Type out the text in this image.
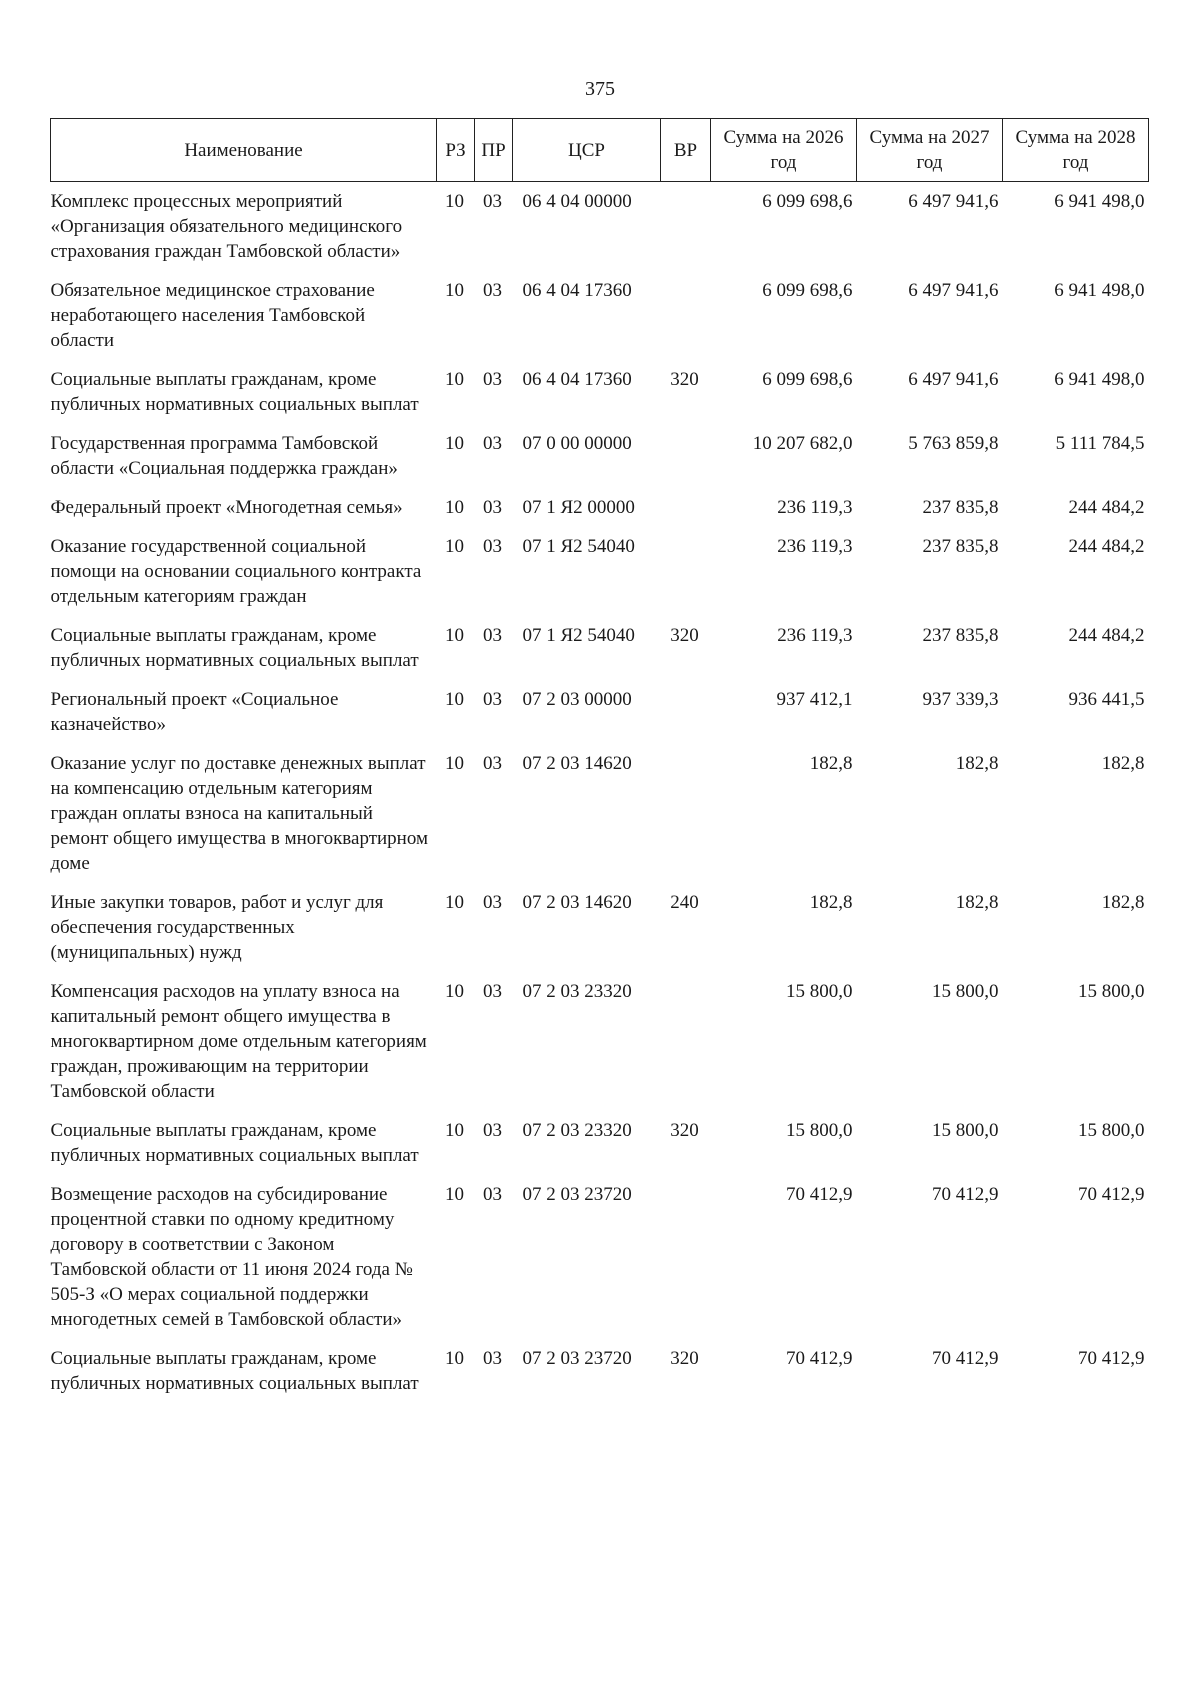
375
Наименование	РЗ	ПР	ЦСР	ВР	Сумма на 2026 год	Сумма на 2027 год	Сумма на 2028 год
Комплекс процессных мероприятий «Организация обязательного медицинского страхования граждан Тамбовской области»	10	03	06 4 04 00000		6 099 698,6	6 497 941,6	6 941 498,0
Обязательное медицинское страхование неработающего населения Тамбовской области	10	03	06 4 04 17360		6 099 698,6	6 497 941,6	6 941 498,0
Социальные выплаты гражданам, кроме публичных нормативных социальных выплат	10	03	06 4 04 17360	320	6 099 698,6	6 497 941,6	6 941 498,0
Государственная программа Тамбовской области «Социальная поддержка граждан»	10	03	07 0 00 00000		10 207 682,0	5 763 859,8	5 111 784,5
Федеральный проект «Многодетная семья»	10	03	07 1 Я2 00000		236 119,3	237 835,8	244 484,2
Оказание государственной социальной помощи на основании социального контракта отдельным категориям граждан	10	03	07 1 Я2 54040		236 119,3	237 835,8	244 484,2
Социальные выплаты гражданам, кроме публичных нормативных социальных выплат	10	03	07 1 Я2 54040	320	236 119,3	237 835,8	244 484,2
Региональный проект «Социальное казначейство»	10	03	07 2 03 00000		937 412,1	937 339,3	936 441,5
Оказание услуг по доставке денежных выплат на компенсацию отдельным категориям граждан оплаты взноса на капитальный ремонт общего имущества в многоквартирном доме	10	03	07 2 03 14620		182,8	182,8	182,8
Иные закупки товаров, работ и услуг для обеспечения государственных (муниципальных) нужд	10	03	07 2 03 14620	240	182,8	182,8	182,8
Компенсация расходов на уплату взноса на капитальный ремонт общего имущества в многоквартирном доме отдельным категориям граждан, проживающим на территории Тамбовской области	10	03	07 2 03 23320		15 800,0	15 800,0	15 800,0
Социальные выплаты гражданам, кроме публичных нормативных социальных выплат	10	03	07 2 03 23320	320	15 800,0	15 800,0	15 800,0
Возмещение расходов на субсидирование процентной ставки по одному кредитному договору в соответствии с Законом Тамбовской области от 11 июня 2024 года № 505-З «О мерах социальной поддержки многодетных семей в Тамбовской области»	10	03	07 2 03 23720		70 412,9	70 412,9	70 412,9
Социальные выплаты гражданам, кроме публичных нормативных социальных выплат	10	03	07 2 03 23720	320	70 412,9	70 412,9	70 412,9
